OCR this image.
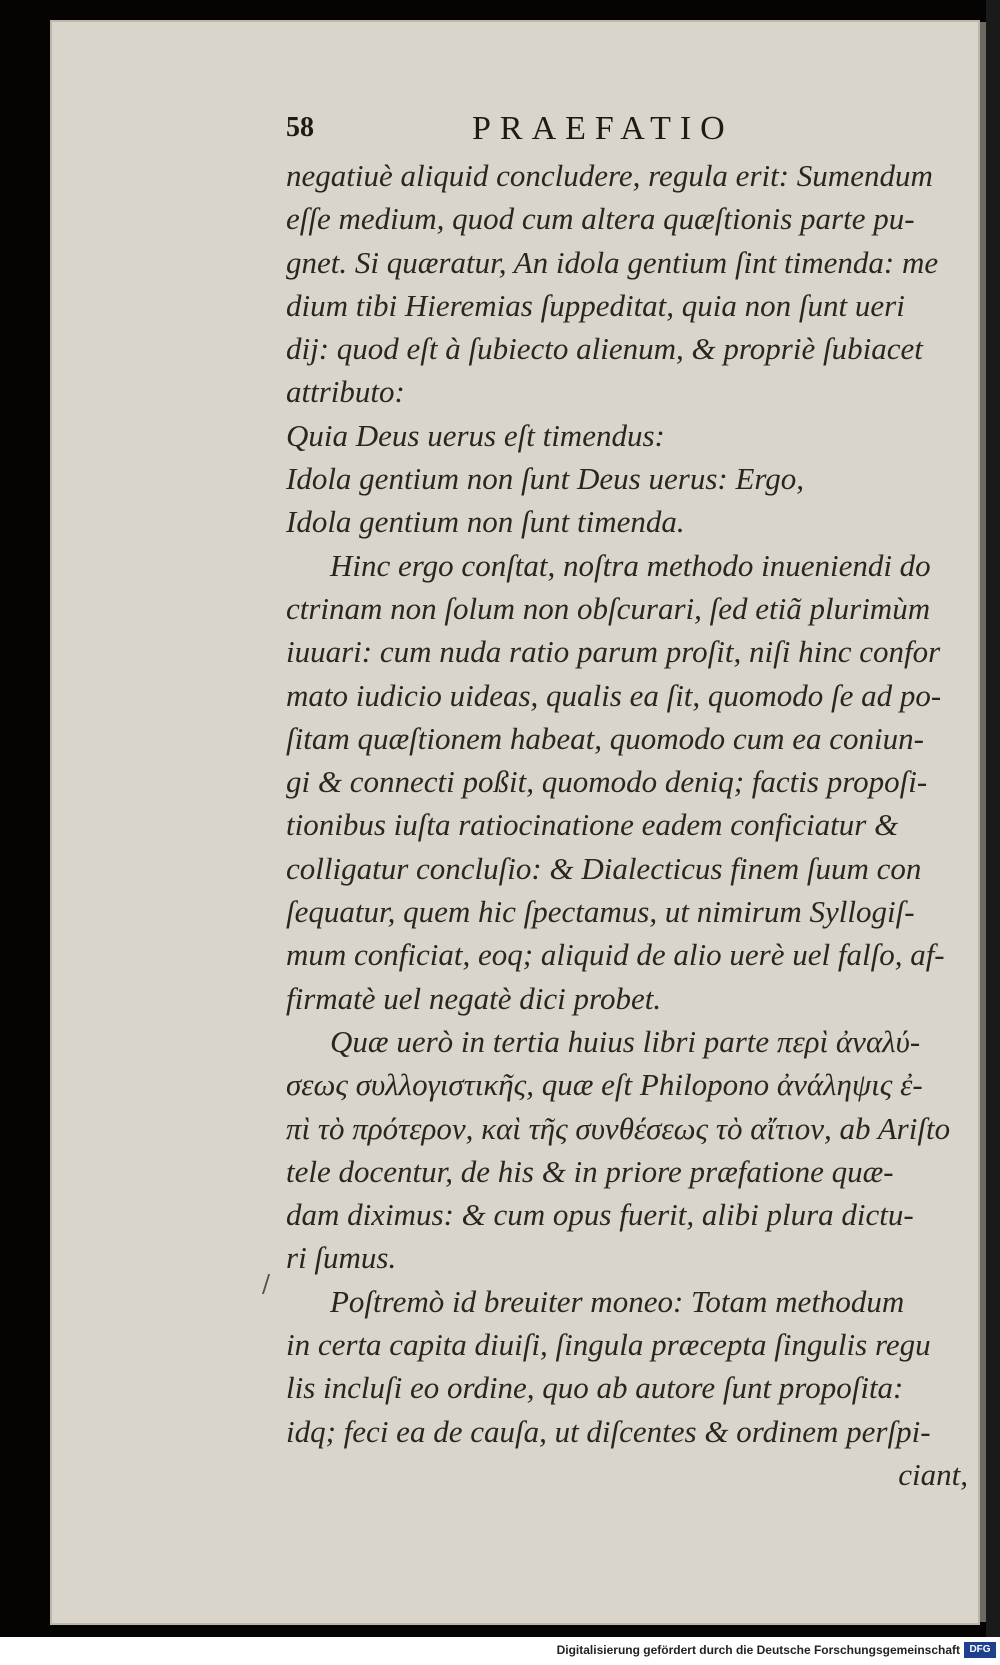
58	PRAEFATIO
negatiuè aliquid concludere, regula erit: Sumendum
eſſe medium, quod cum altera quæſtionis parte pu-
gnet. Si quæratur, An idola gentium ſint timenda: me
dium tibi Hieremias ſuppeditat, quia non ſunt ueri
dij: quod eſt à ſubiecto alienum, & propriè ſubiacet
attributo:
Quia Deus uerus eſt timendus:
Idola gentium non ſunt Deus uerus: Ergo,
Idola gentium non ſunt timenda.
Hinc ergo conſtat, noſtra methodo inueniendi do
ctrinam non ſolum non obſcurari, ſed etiã plurimùm
iuuari: cum nuda ratio parum proſit, niſi hinc confor
mato iudicio uideas, qualis ea ſit, quomodo ſe ad po-
ſitam quæſtionem habeat, quomodo cum ea coniun-
gi & connecti poßit, quomodo deniq; factis propoſi-
tionibus iuſta ratiocinatione eadem conficiatur &
colligatur concluſio: & Dialecticus finem ſuum con
ſequatur, quem hic ſpectamus, ut nimirum Syllogiſ-
mum conficiat, eoq; aliquid de alio uerè uel falſo, af-
firmatè uel negatè dici probet.
Quæ uerò in tertia huius libri parte περὶ ἀναλύ-
σεως συλλογιστικῆς, quæ eſt Philopono ἀνάληψις ἐ-
πὶ τὸ πρότερον, καὶ τῆς συνθέσεως τὸ αἴτιον, ab Ariſto
tele docentur, de his & in priore præfatione quæ-
dam diximus: & cum opus fuerit, alibi plura dictu-
ri ſumus.
Poſtremò id breuiter moneo: Totam methodum
in certa capita diuiſi, ſingula præcepta ſingulis regu
lis incluſi eo ordine, quo ab autore ſunt propoſita:
idq; feci ea de cauſa, ut diſcentes & ordinem perſpi-
ciant,
/
Digitalisierung gefördert durch die Deutsche Forschungsgemeinschaft DFG
